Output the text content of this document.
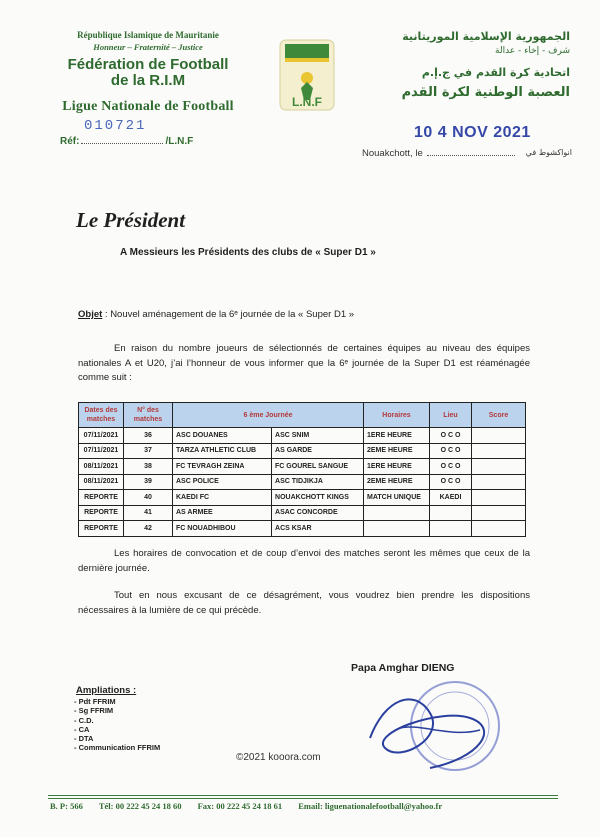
République Islamique de Mauritanie
Honneur – Fraternité – Justice
Fédération de Football
de la R.I.M
Ligue Nationale de Football
010721
Réf:	/L.N.F
L.N.F
الجمهورية الإسلامية الموريتانية
شرف - إخاء - عدالة
اتحادية كرة القدم في ج.إ.م
العصبة الوطنية لكرة القدم
10 4 NOV 2021
Nouakchott, le	انواكشوط في
Le Président
A Messieurs les Présidents des clubs de « Super D1 »
Objet : Nouvel aménagement de la 6ᵉ journée de la « Super D1 »

En raison du nombre joueurs de sélectionnés de certaines équipes au niveau des équipes nationales A et U20, j’ai l’honneur de vous informer que la 6ᵉ journée de la Super D1 est réaménagée comme suit :

Dates des matches	N° des matches	6 ème Journée		Horaires	Lieu	Score
07/11/2021	36	ASC DOUANES	ASC SNIM	1ERE HEURE	O C O	
07/11/2021	37	TARZA ATHLETIC CLUB	AS GARDE	2EME HEURE	O C O	
08/11/2021	38	FC TEVRAGH ZEINA	FC GOUREL SANGUE	1ERE HEURE	O C O	
08/11/2021	39	ASC POLICE	ASC TIDJIKJA	2EME HEURE	O C O	
REPORTE	40	KAEDI FC	NOUAKCHOTT KINGS	MATCH UNIQUE	KAEDI	
REPORTE	41	AS ARMEE	ASAC CONCORDE			
REPORTE	42	FC NOUADHIBOU	ACS KSAR			

Les horaires de convocation et de coup d’envoi des matches seront les mêmes que ceux de la dernière journée.

Tout en nous excusant de ce désagrément, vous voudrez bien prendre les dispositions nécessaires à la lumière de ce qui précède.

Papa Amghar DIENG
Ampliations :
- Pdt FFRIM
- Sg FFRIM
- C.D.
- CA
- DTA
- Communication FFRIM
©2021 kooora.com
B. P: 566 Tél: 00 222 45 24 18 60 Fax: 00 222 45 24 18 61 Email: liguenationalefootball@yahoo.fr
